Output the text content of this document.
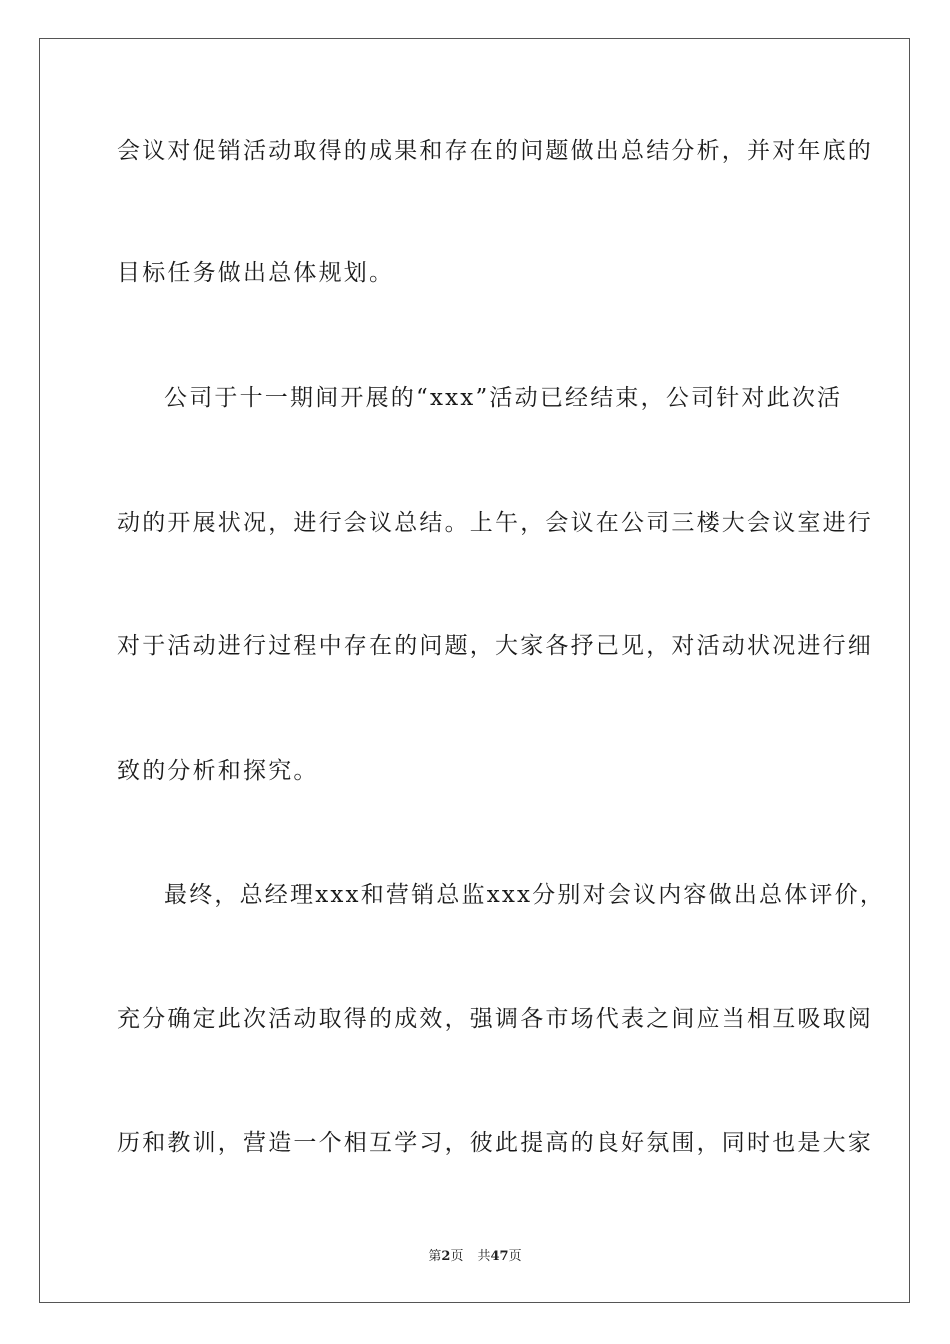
会议对促销活动取得的成果和存在的问题做出总结分析，并对年底的
目标任务做出总体规划。
公司于十一期间开展的“xxx”活动已经结束，公司针对此次活
动的开展状况，进行会议总结。上午，会议在公司三楼大会议室进行
对于活动进行过程中存在的问题，大家各抒己见，对活动状况进行细
致的分析和探究。
最终，总经理xxx和营销总监xxx分别对会议内容做出总体评价，
充分确定此次活动取得的成效，强调各市场代表之间应当相互吸取阅
历和教训，营造一个相互学习，彼此提高的良好氛围，同时也是大家
第2页 共47页
